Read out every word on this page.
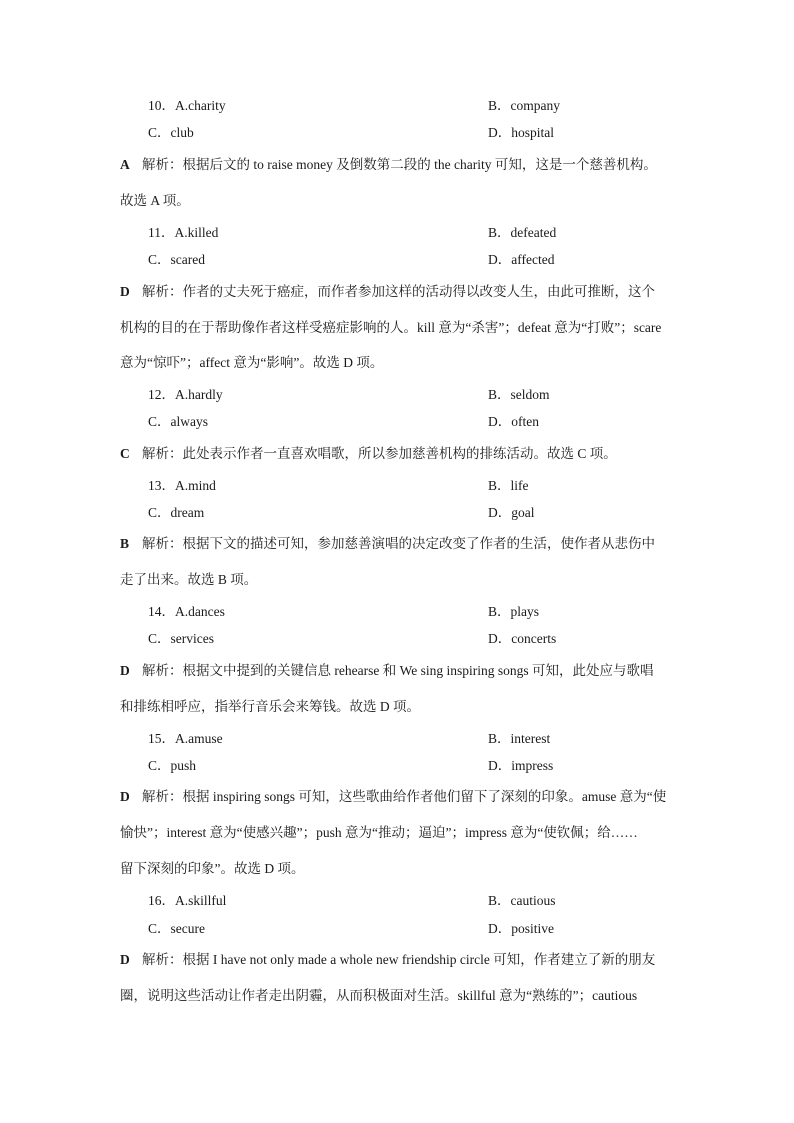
10．A.charity	B．company
C．club	D．hospital
A 解析：根据后文的 to raise money 及倒数第二段的 the charity 可知，这是一个慈善机构。
故选 A 项。
11．A.killed	B．defeated
C．scared	D．affected
D 解析：作者的丈夫死于癌症，而作者参加这样的活动得以改变人生，由此可推断，这个
机构的目的在于帮助像作者这样受癌症影响的人。kill 意为“杀害”；defeat 意为“打败”；scare
意为“惊吓”；affect 意为“影响”。故选 D 项。
12．A.hardly	B．seldom
C．always	D．often
C 解析：此处表示作者一直喜欢唱歌，所以参加慈善机构的排练活动。故选 C 项。
13．A.mind	B．life
C．dream	D．goal
B 解析：根据下文的描述可知，参加慈善演唱的决定改变了作者的生活，使作者从悲伤中
走了出来。故选 B 项。
14．A.dances	B．plays
C．services	D．concerts
D 解析：根据文中提到的关键信息 rehearse 和 We sing inspiring songs 可知，此处应与歌唱
和排练相呼应，指举行音乐会来筹钱。故选 D 项。
15．A.amuse	B．interest
C．push	D．impress
D 解析：根据 inspiring songs 可知，这些歌曲给作者他们留下了深刻的印象。amuse 意为“使
愉快”；interest 意为“使感兴趣”；push 意为“推动；逼迫”；impress 意为“使钦佩；给……
留下深刻的印象”。故选 D 项。
16．A.skillful	B．cautious
C．secure	D．positive
D 解析：根据 I have not only made a whole new friendship circle 可知，作者建立了新的朋友
圈，说明这些活动让作者走出阴霾，从而积极面对生活。skillful 意为“熟练的”；cautious
